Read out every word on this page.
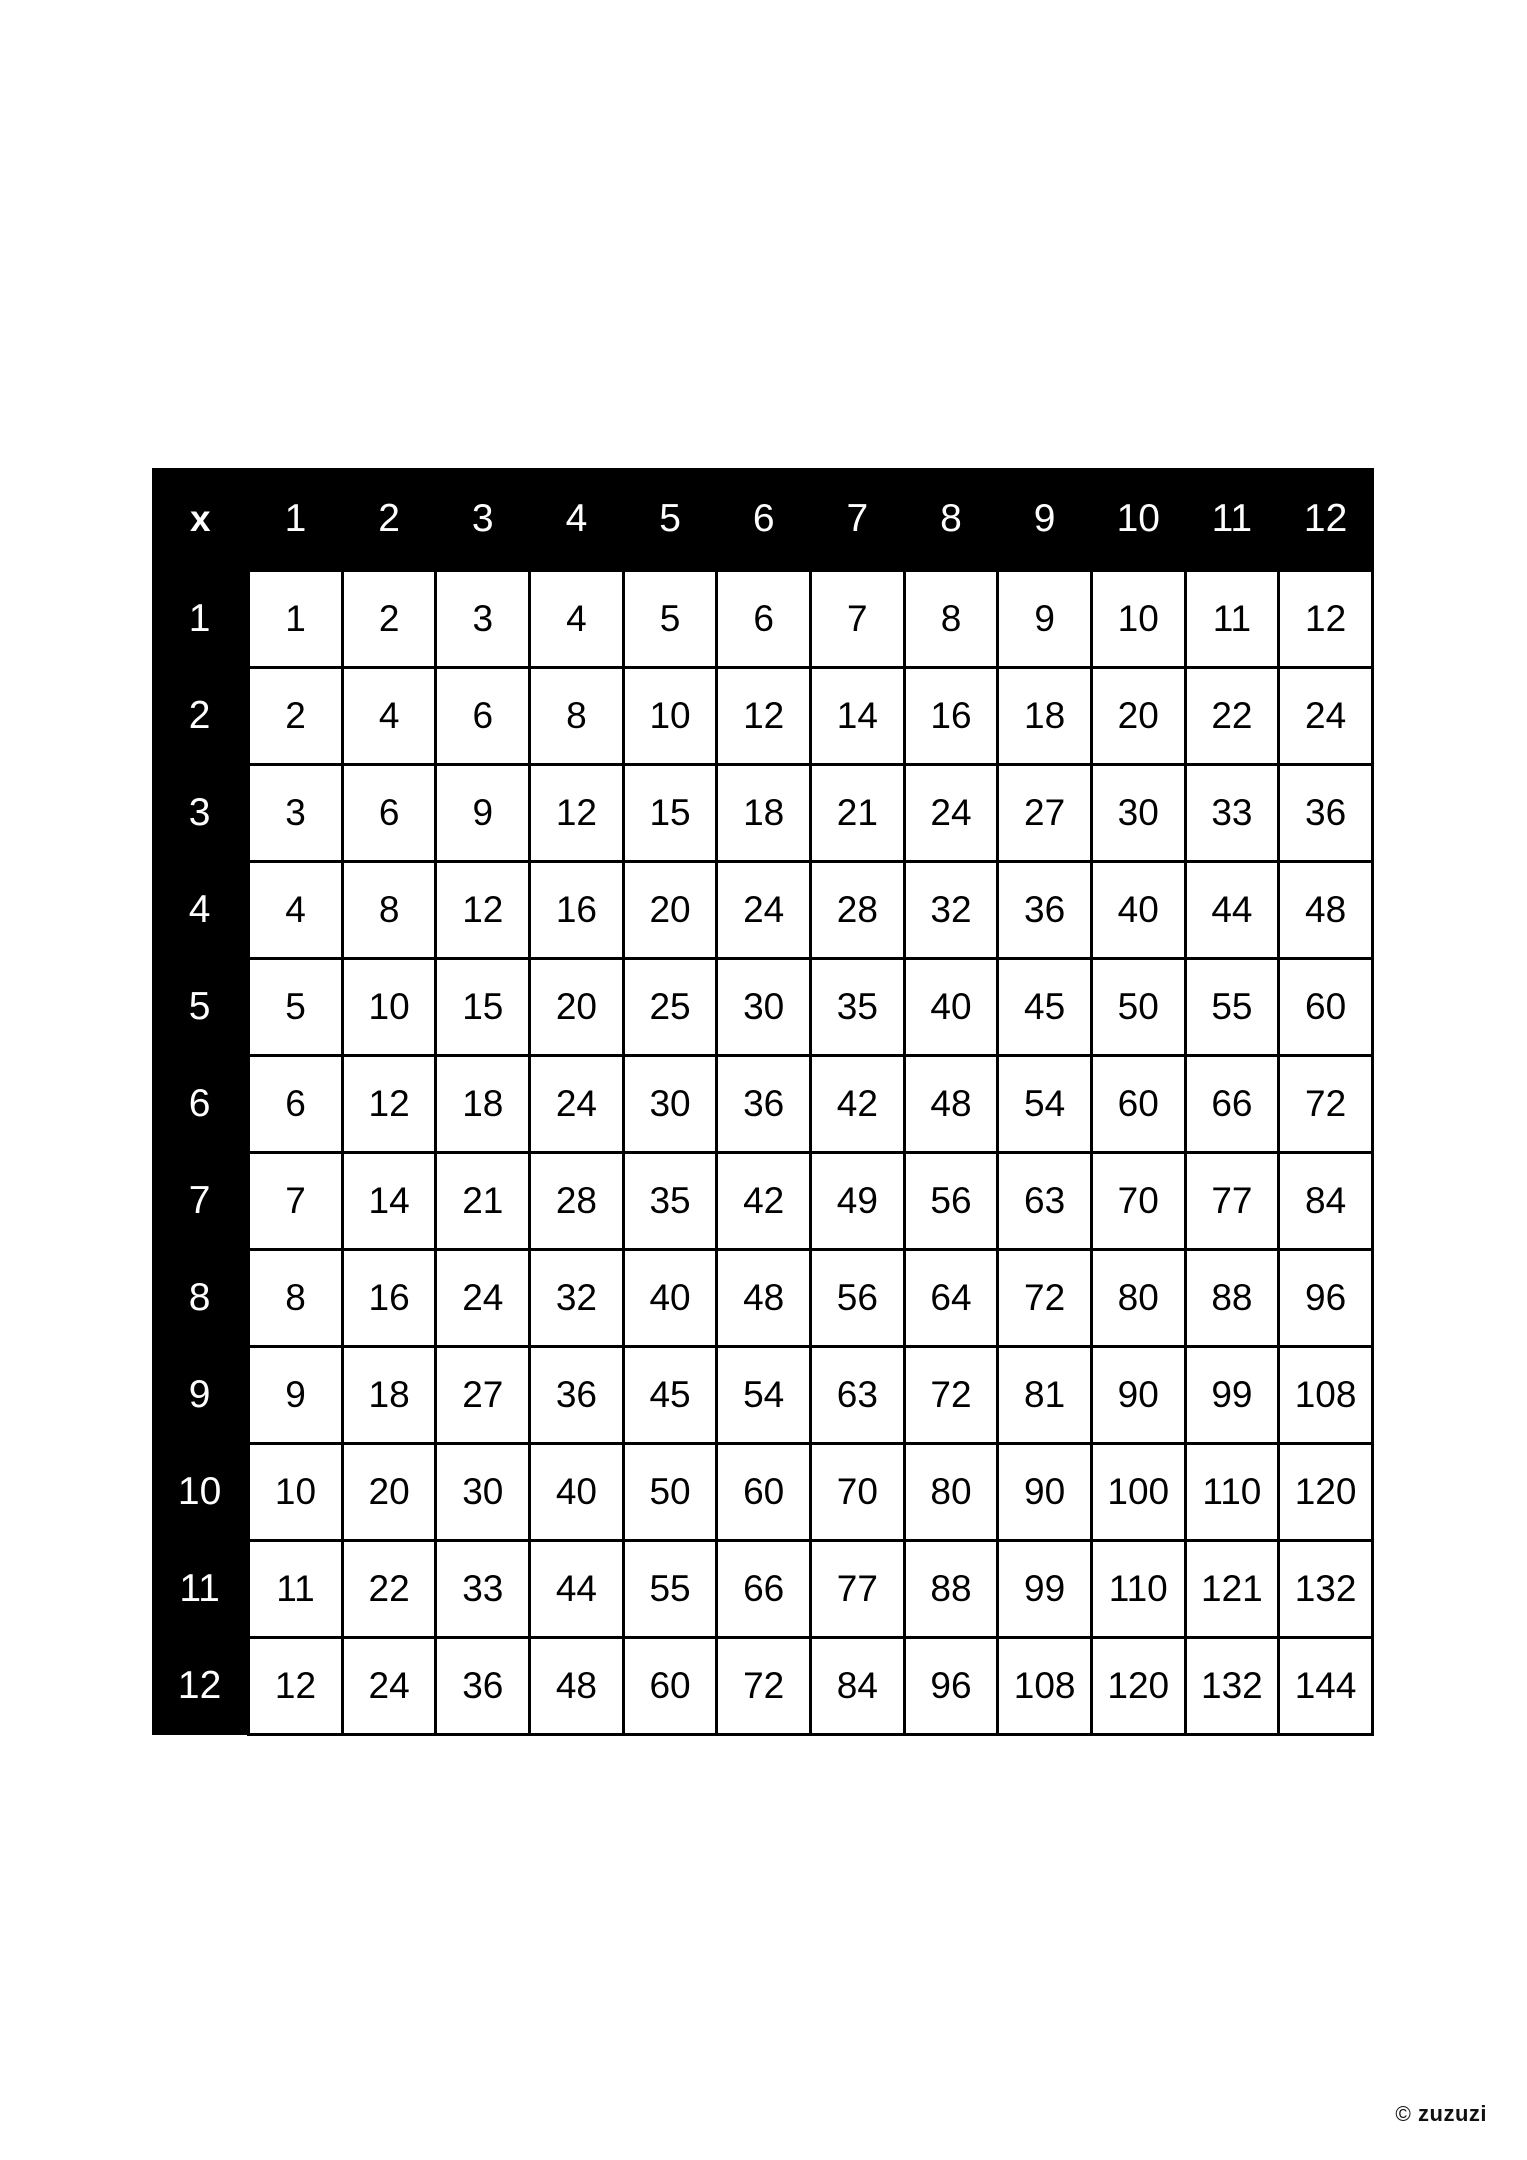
x	1	2	3	4	5	6	7	8	9	10	11	12
1	1	2	3	4	5	6	7	8	9	10	11	12
2	2	4	6	8	10	12	14	16	18	20	22	24
3	3	6	9	12	15	18	21	24	27	30	33	36
4	4	8	12	16	20	24	28	32	36	40	44	48
5	5	10	15	20	25	30	35	40	45	50	55	60
6	6	12	18	24	30	36	42	48	54	60	66	72
7	7	14	21	28	35	42	49	56	63	70	77	84
8	8	16	24	32	40	48	56	64	72	80	88	96
9	9	18	27	36	45	54	63	72	81	90	99	108
10	10	20	30	40	50	60	70	80	90	100	110	120
11	11	22	33	44	55	66	77	88	99	110	121	132
12	12	24	36	48	60	72	84	96	108	120	132	144
© zuzuzi
